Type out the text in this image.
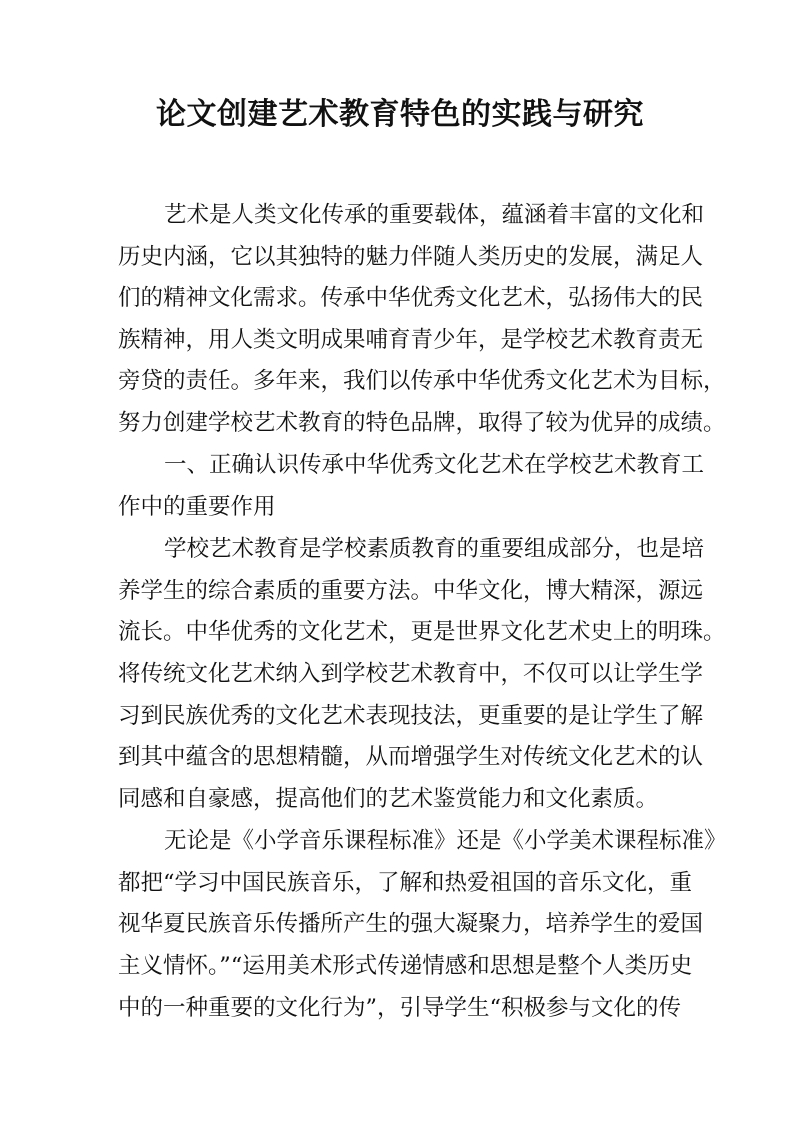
论文创建艺术教育特色的实践与研究

艺术是人类文化传承的重要载体，蕴涵着丰富的文化和

历史内涵，它以其独特的魅力伴随人类历史的发展，满足人

们的精神文化需求。传承中华优秀文化艺术，弘扬伟大的民

族精神，用人类文明成果哺育青少年，是学校艺术教育责无

旁贷的责任。多年来，我们以传承中华优秀文化艺术为目标，

努力创建学校艺术教育的特色品牌，取得了较为优异的成绩。

一、正确认识传承中华优秀文化艺术在学校艺术教育工

作中的重要作用

学校艺术教育是学校素质教育的重要组成部分，也是培

养学生的综合素质的重要方法。中华文化，博大精深，源远

流长。中华优秀的文化艺术，更是世界文化艺术史上的明珠。

将传统文化艺术纳入到学校艺术教育中，不仅可以让学生学

习到民族优秀的文化艺术表现技法，更重要的是让学生了解

到其中蕴含的思想精髓，从而增强学生对传统文化艺术的认

同感和自豪感，提高他们的艺术鉴赏能力和文化素质。

无论是《小学音乐课程标准》还是《小学美术课程标准》

都把“学习中国民族音乐，了解和热爱祖国的音乐文化，重

视华夏民族音乐传播所产生的强大凝聚力，培养学生的爱国

主义情怀。”“运用美术形式传递情感和思想是整个人类历史

中的一种重要的文化行为”，引导学生“积极参与文化的传
